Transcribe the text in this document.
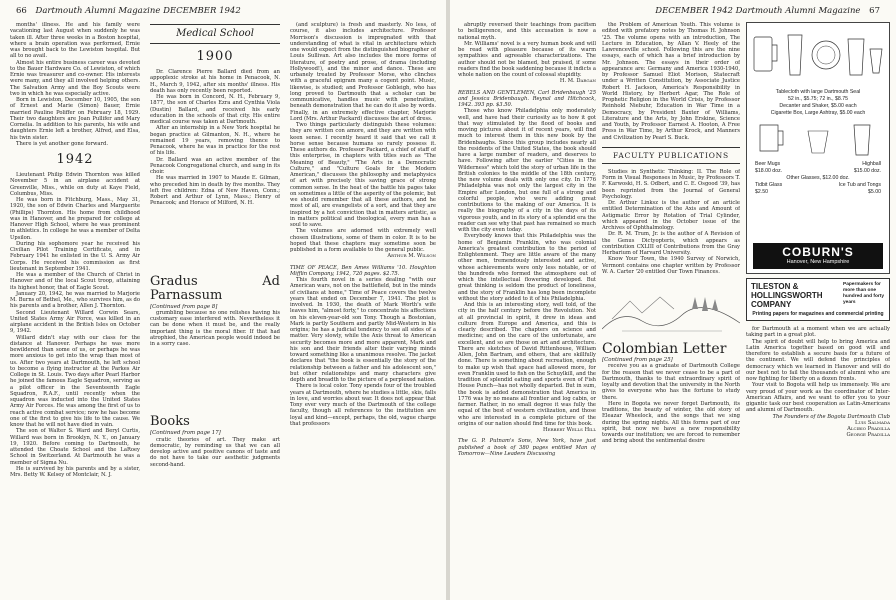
66 Dartmouth Alumni Magazine DECEMBER 1942

months' illness. He and his family were vacationing last August when suddenly he was taken ill. After three weeks in a Boston hospital, where a brain operation was performed, Ernie was brought back to the Lewiston hospital. But all to no avail.

Almost his entire business career was devoted to the Bauer Hardware Co. of Lewiston, of which Ernie was treasurer and co-owner. His interests were many, and they all involved helping others. The Salvation Army and the Boy Scouts were two in which he was especially active.

Born in Lewiston, December 10, 1905, the son of Ernest and Marie (Simon) Bauer, Ernie married Pauline Poliffer on February 18, 1929. Their two daughters are Joan Pullifer and Mary Cornelia. In addition to his parents, his wife and daughters Ernie left a brother, Alfred, and Elsa, his twin sister.

There is yet another gone forward.

1942

Lieutenant Philip Edwin Thornton was killed November 5 in an airplane accident at Greenville, Miss., while on duty at Kaye Field, Columbus, Miss.

He was born in Fitchburg, Mass., May 31, 1920, the son of Edwin Charles and Marguerite (Phillips) Thornton. His home from childhood was in Hanover, and he prepared for college at Hanover High School, where he was prominent in athletics. In college he was a member of Delta Upsilon.

During his sophomore year he received his Civilian Pilot Training Certificate, and in February 1941 he enlisted in the U. S. Army Air Corps. He received his commission as first lieutenant in September 1941.

He was a member of the Church of Christ in Hanover and of the local Scout troop, attaining its highest honor, that of Eagle Scout.

January 20, 1942, he was married to Marjorie M. Burns of Bethel, Me., who survives him, as do his parents and a brother, Allen J. Thornton.

Second Lieutenant Willard Corwin Sears, United States Army Air Force, was killed in an airplane accident in the British Isles on October 9, 1942.

Willard didn't stay with our class for the distance at Hanover. Perhaps he was more bewildered than some of us, or perhaps he was more anxious to get into the wrap than most of us. After two years at Dartmouth, he left school to become a flying instructor at the Parkes Air College in St. Louis. Two days after Pearl Harbor he joined the famous Eagle Squadron, serving as a pilot officer in the Seventeenth Eagle Squadron, R.A.F., until recently when the squadron was inducted into the United States Army Air Forces. He was among the first of us to reach active combat service; now he has become one of the first to give his life to the cause. We know that he will not have died in vain.

The son of Walter S. Ward and Beryl Curtis, Willard was born in Brooklyn, N. Y., on January 19, 1920. Before coming to Dartmouth, he attended the Choate School and the LaRoey School in Switzerland. At Dartmouth he was a member of Sigma Nu.

He is survived by his parents and by a sister, Mrs. Betty W. Kelsey of Montclair, N. J.

Medical School
1900

Dr. Clarence Pierre Ballard died from an appoplexic stroke at his home in Penacook, N. H., March 9, 1942, after six months' illness. His death has only recently been reported.

He was born in Concord, N. H., February 9, 1877, the son of Charles Ezra and Cynthia Viola (Dustin) Ballard, and received his early education in the schools of that city. His entire medical course was taken at Dartmouth.

After an internship in a New York hospital he began practice at Gilmanton, N. H., where he remained 19 years, removing thence to Penacook, where he was in practice for the rest of his life.

Dr. Ballard was an active member of the Penacook Congregational church, and sang in its choir.

He was married in 1907 to Maude E. Gilman, who preceded him in death by five months. They left five children: Edna of New Haven, Conn.; Robert and Arthur of Lynn, Mass.; Henry of Penacook; and Horace of Milford, N. H.

Gradus Ad Parnassum

[Continued from page 8]

grumbling because no one relishes having his customary ease interfered with. Nevertheless it can be done when it must be, and the really important thing is the moral fiber. If that had atrophied, the American people would indeed be in a sorry case.

Books

[Continued from page 17]

cratic theories of art. They make art democratic, by reminding us that we can all develop active and positive canons of taste and do not have to take our aesthetic judgments second-hand.

(and sculpture) is fresh and masterly. No less, of course, it also includes architecture. Professor Morrison's discussion is impregnated with that understanding of what is vital in architecture which one would expect from the distinguished biographer of Louis Sullivan. Art also includes the more forms of literature, of poetry and prose, of drama (including Hollywood!), and the minor and dance. These are urbanely treated by Professor Morse, who clinches with a graceful epigram many a cogent point. Music, likewise, is studied; and Professor Gobleigh, who has long proved to Dartmouth that a scholar can be communicative, handles music with penetration, beneath demonstration that he can do it also by words. Finally, in an extremely effective chapter, Marjorie Lord (Mrs. Arthur Packard) discusses the art of dress.

Two things particularly distinguish these volumes: they are written con amore, and they are written with keen sense. I recently heard it said that we call it horse sense because humans so rarely possess it. These authors do. Professor Packard, a chief of staff of this enterprise, in chapters with titles such as "The Meaning of Beauty," "The Arts in a Democratic Culture," and "Culture Goals for the Modern American," discusses the philosophy and metaphysics of art with precisely this saving grace of strong common sense. In the heat of the battle his pages take on sometimes a little of the asperity of the polemic, but we should remember that all these authors, and he most of all, are evangelists of a sort, and that they are inspired by a hot conviction that in matters artistic, as in matters political and theological, every man has a soul to save.

The volumes are adorned with extremely well chosen illustrations, some of them in color. It is to be hoped that these chapters may sometime soon be published in a form available to the general public.

Arthur M. Wilson

TIME OF PEACE, Ben Ames Williams '10. Houghton Mifflin Company, 1942, 720 pages. $2.75.

This fourth novel in a series dealing "with our American wars, not on the battlefield, but in the minds of civilians at home," Time of Peace covers the twelve years that ended on December 7, 1941. The plot is involved. In 1930, the death of Mark Worth's wife leaves him, "almost forty," to concentrate his affections on his eleven-year-old son Tony. Though a Bostonian, Mark is partly Southern and partly Mid-Western in his origins; he has a judicial tendency to see all sides of a matter. Very slowly, while the Axis threat to American security becomes more and more apparent, Mark and his son and their friends alter their varying minds toward something like a unanimous resolve. The jacket declares that "the book is essentially the story of the relationship between a father and his adolescent son," but other relationships and many characters give depth and breadth to the picture of a perplexed nation.

There is local color. Tony spends four of the troubled years at Dartmouth, where he studies a little, skis, falls in love, and worries about war. It does not appear that Tony ever very much of the Dartmouth of the college faculty, though all references to the institution are loyal and kind—except, perhaps, the old, vague charge that professors

DECEMBER 1942 Dartmouth Alumni Magazine 67

abruptly reversed their teachings from pacifism to belligerence, and this accusation is now a national myth.

Mr. Williams' novel is a very human book and will be read with pleasure because of its warm sympathies and agreeable characterizations. The author should not be blamed, but praised, if some readers find the book saddening because it indicts a whole nation on the count of colossal stupidity.

H. M. Dargan

REBELS AND GENTLEMEN, Carl Bridenbaugh '25 and Jessica Bridenbaugh. Reynal and Hitchcock, 1942. 393 pp. $3.50.

Those who know Philadelphia only moderately well, and have had their curiosity as to how it got that way stimulated by the flood of books and moving pictures about it of recent years, will find much to interest them in this new book by the Bridenbaughs. Since this group includes nearly all the residents of the United States, the book should have a large number of readers, and deserves to have. Following after the earlier "Cities in the Wilderness" which told the story of urban life in the British colonies to the middle of the 18th century, the new volume deals with only one city. In 1776 Philadelphia was not only the largest city in the Empire after London, but one full of a strong and colorful people, who were adding great contributions to the making of our America. It is really the biography of a city in the days of its vigorous youth, and in its story of a splendid era the reader can see why that past has remained so much with the city even today.

Everybody knows that this Philadelphia was the home of Benjamin Franklin, who was colonial America's greatest contribution to the period of Enlightenment. They are little aware of the many other men, tremendously interested and active, whose achievements were only less notable, or of the hundreds who formed the atmosphere out of which the intellectual flowering developed. But great thinking is seldom the product of loneliness, and the story of Franklin has long been incomplete without the story added to it of his Philadelphia.

And this is an interesting story, well told, of the city in the half century before the Revolution. Not at all provincial in spirit, it drew in ideas and culture from Europe and America, and this is clearly described. The chapters on science and medicine; and on the care of the unfortunate, are excellent, and so are those on art and architecture. There are sketches of David Rittenhouse, William Allen, John Bartram, and others, that are skillfully done. There is something about recreation, enough to make up wish that space had allowed more, for even Franklin used to fish on the Schuylkill, and the tradition of splendid eating and sports even of Fish House Punch—has not wholly departed. But in sum, the book is added demonstration that America in 1776 was by no means all frontier and log cabin, or farmer. Rather, in no small degree it was fully the equal of the best of western civilization, and those who are interested in a complete picture of the origins of our nation should find time for this book.

Herbert Wells Hill

The G. P. Putnam's Sons, New York, have just published a book of 380 pages entitled Man of Tomorrow—Nine Leaders Discussing

the Problem of American Youth. This volume is edited with prefatory notes by Thomas H. Johnson '25. The volume opens with an introduction, The Lecture in Education, by Allan V. Heely of the Lawrenceville school. Following this are the nine essays, each of which has a brief introduction by Mr. Johnson. The essays in their order of appearance are: Germany and America 1930-1940, by Professor Samuel Eliot Morison, Statecraft under a Written Constitution, by Associate Justice Robert H. Jackson, America's Responsibility in World History, by Herbert Agar, The Role of Prophetic Religion in the World Crisis, by Professor Reinhold Niebuhr, Education in War Time in a Democracy, by President Baxter of Williams, Literature and the Arts, by John Erskine, Science and Youth, by Professor Earnest A. Hooton, A Free Press in War Time, by Arthur Krock, and Manners and Civilization by Pearl S. Buck.

FACULTY PUBLICATIONS

Studies in Synthetic Thinking: II. The Role of Form in Visual Responses in Music, by Professors T. F. Karwoski, H. S. Odbert, and C. E. Osgood '39, has been reprinted from the Journal of General Psychology.

Dr. Arthur Linksz is the author of an article entitled Determination of the Axis and Amount of Astigmatic Error by Rotation of Trial Cylinder, which appeared in the October issue of the Archives of Ophthalmology.

Dr. R. M. Trum, Jr. is the author of A Revision of the Genus Dictyopteris, which appears as contribution CXLIII of Contributions from the Gray Herbarium of Harvard University.

Know Your Town, the 1940 Survey of Norwich, Vermont contains one chapter written by Professor W. A. Carter '20 entitled Our Town Finances.

Colombian Letter

[Continued from page 25]

receive you as a graduate of Dartmouth College for the reason that we never cease to be a part of Dartmouth, thanks to that extraordinary spirit of loyalty and devotion that the university in the North gives to everyone who has the fortune to study there.

Here in Bogota we never forget Dartmouth, its traditions, the beauty of winter, the old story of Eleazar Wheelock, and the songs that we sing during the spring nights. All this forms part of our spirit, but now we have a new responsibility towards our institution; we are forced to remember and bring about the sentimental desire

Tablecloth with large Dartmouth Seal
52 in., $5.75; 72 in., $8.75
Decanter and Shaker, $5.00 each
Cigarette Box, Large Ashtray, $5.00 each
Beer Mugs	Highball
$18.00 doz.	$15.00 doz.
Other Glasses, $12.00 doz.
Tidbit Glass	Ice Tub and Tongs
$2.50	$5.00
COBURN'S
Hanover, New Hampshire
TILESTON &
HOLLINGSWORTH
COMPANY
Papermakers for more than one hundred and forty years
Printing papers for magazines and commercial printing

for Dartmouth at a moment when we are actually taking part in a great plot.

The spirit of doubt will help to bring America and Latin America together based on good will and therefore to establish a secure basis for a future of the continent. We will defend the principles of democracy which we learned in Hanover and will do our best not to fail the thousands of alumni who are now fighting for liberty on a dozen fronts.

Your visit to Bogota will help us immensely. We are very proud of your work as the coordinator of Inter-American Affairs, and we want to offer you to your gigantic task our best cooperation as Latin-Americans and alumni of Dartmouth.

The Founders of the Bogota Dartmouth Club

Luis Salmada

Alcibio Pradilla

George Pradilla
